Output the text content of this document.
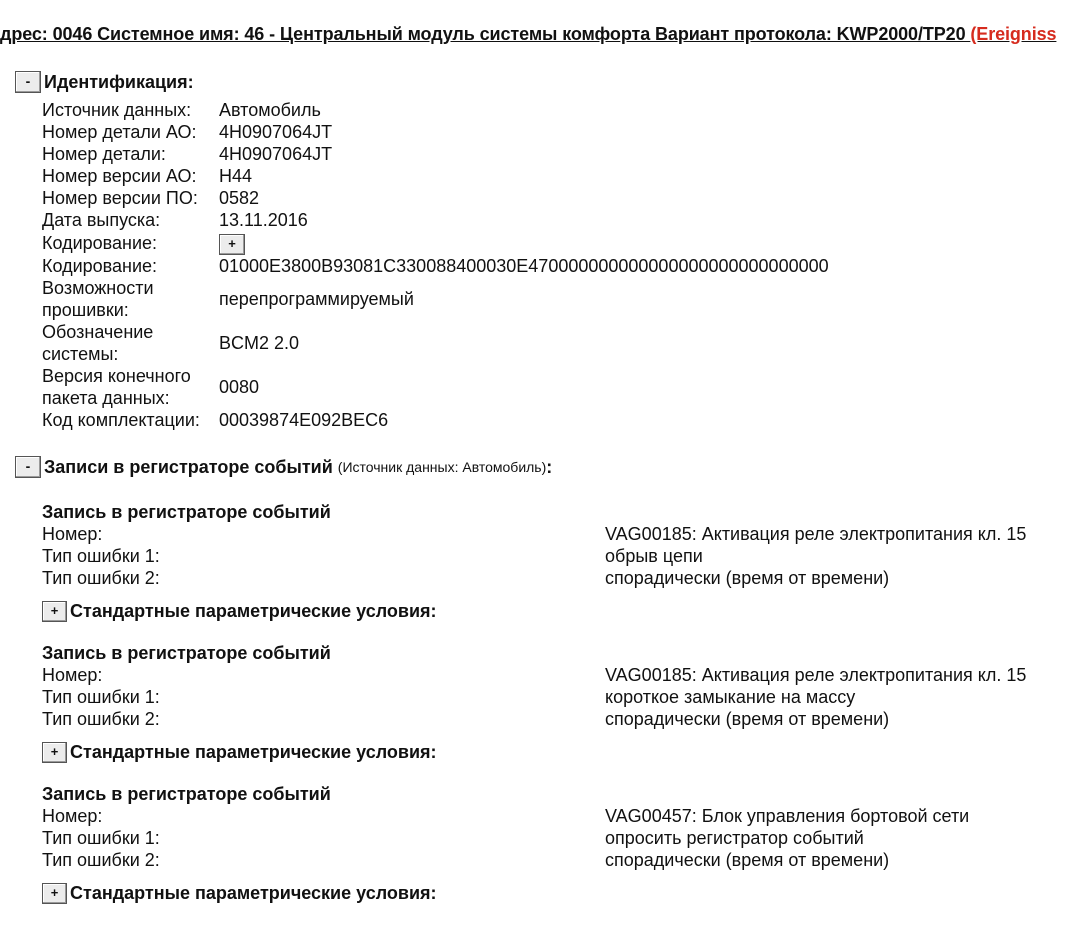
дрес: 0046 Системное имя: 46 - Центральный модуль системы комфорта Вариант протокола: KWP2000/TP20 (Ereigniss
- Идентификация:
Источник данных:	Автомобиль
Номер детали АО:	4H0907064JT
Номер детали:	4H0907064JT
Номер версии АО:	H44
Номер версии ПО:	0582
Дата выпуска:	13.11.2016
Кодирование:	+
Кодирование:	01000E3800B93081C330088400030E470000000000000000000000000000
Возможности прошивки:
перепрограммируемый
Обозначение системы:
BCM2 2.0
Версия конечного пакета данных:
0080
Код комплектации:	00039874E092BEC6
- Записи в регистраторе событий (Источник данных: Автомобиль) :
Запись в регистраторе событий
Номер:	VAG00185: Активация реле электропитания кл. 15
Тип ошибки 1:	обрыв цепи
Тип ошибки 2:	спорадически (время от времени)
+ Стандартные параметрические условия:
Запись в регистраторе событий
Номер:	VAG00185: Активация реле электропитания кл. 15
Тип ошибки 1:	короткое замыкание на массу
Тип ошибки 2:	спорадически (время от времени)
+ Стандартные параметрические условия:
Запись в регистраторе событий
Номер:	VAG00457: Блок управления бортовой сети
Тип ошибки 1:	опросить регистратор событий
Тип ошибки 2:	спорадически (время от времени)
+ Стандартные параметрические условия:
